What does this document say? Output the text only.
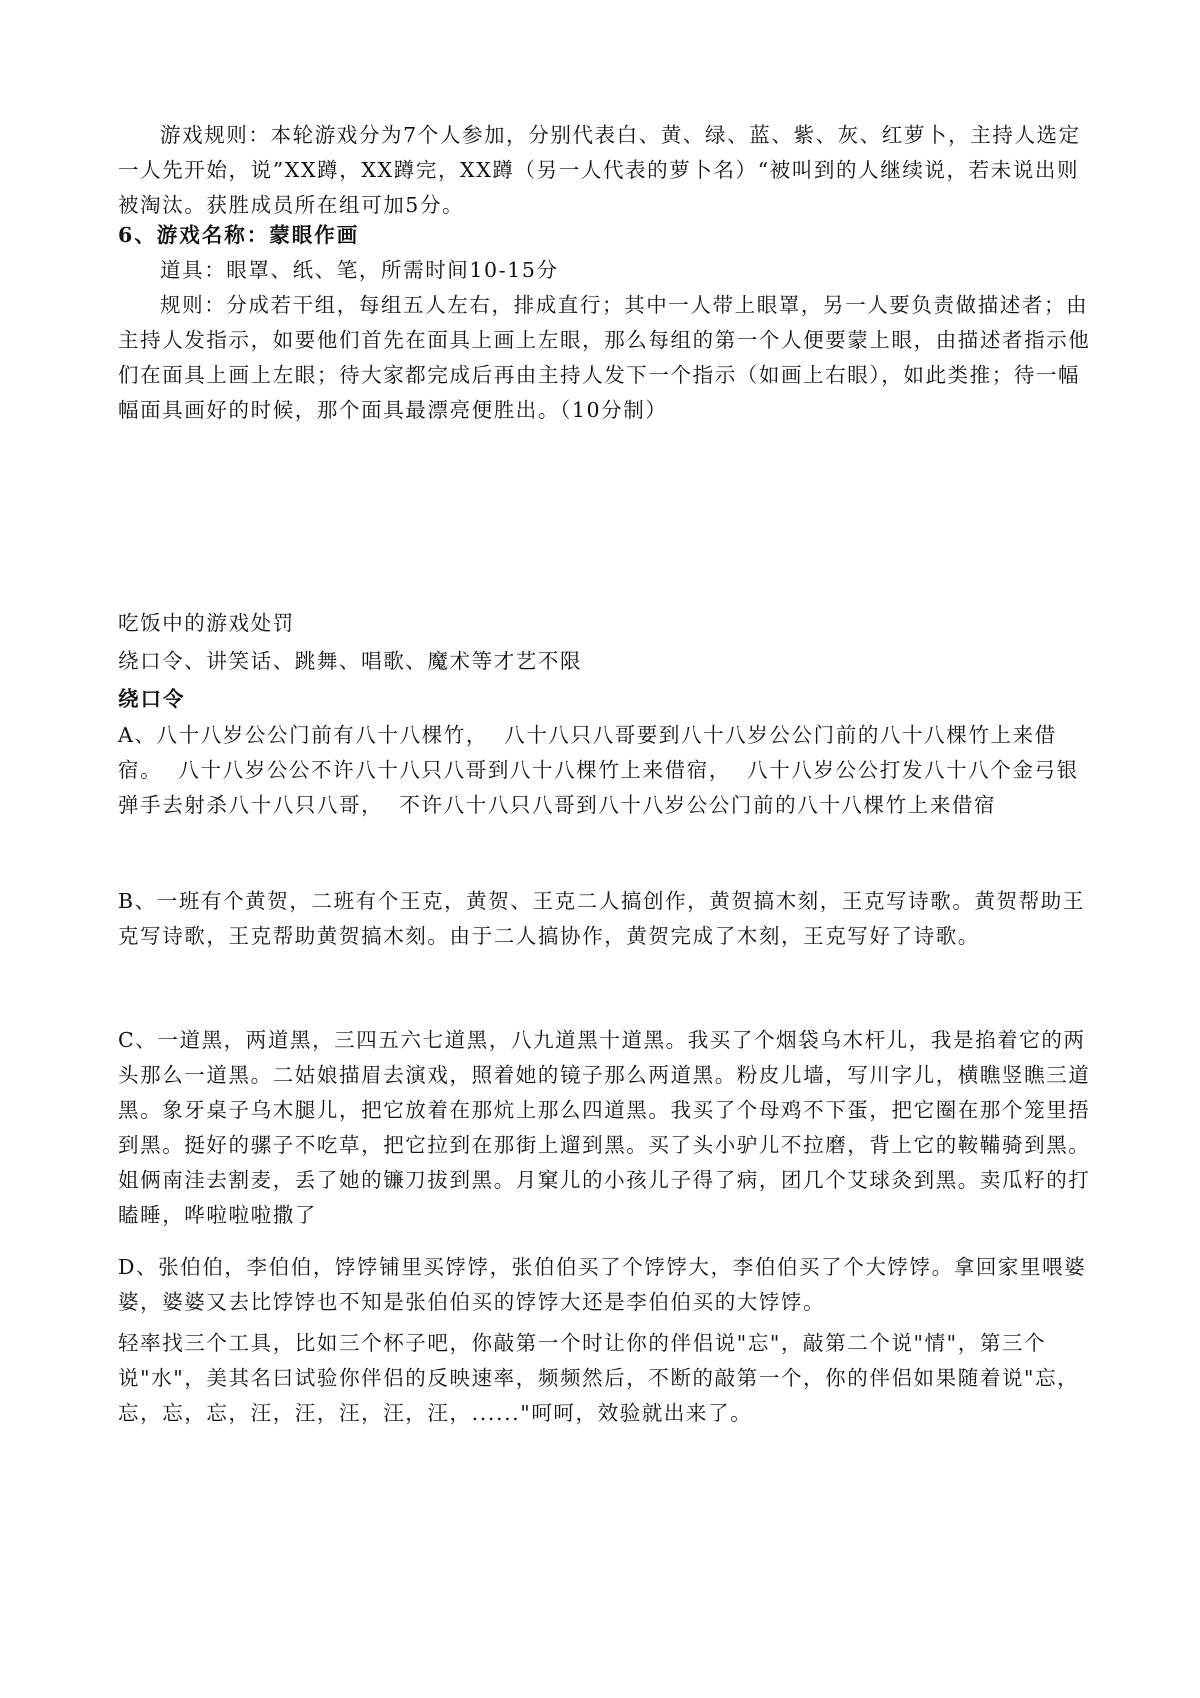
游戏规则：本轮游戏分为7个人参加，分别代表白、黄、绿、蓝、紫、灰、红萝卜，主持人选定一人先开始，说”XX蹲，XX蹲完，XX蹲（另一人代表的萝卜名）“被叫到的人继续说，若未说出则被淘汰。获胜成员所在组可加5分。
6、游戏名称：蒙眼作画
道具：眼罩、纸、笔，所需时间10-15分
规则：分成若干组，每组五人左右，排成直行；其中一人带上眼罩，另一人要负责做描述者；由主持人发指示，如要他们首先在面具上画上左眼，那么每组的第一个人便要蒙上眼，由描述者指示他们在面具上画上左眼；待大家都完成后再由主持人发下一个指示（如画上右眼），如此类推；待一幅幅面具画好的时候，那个面具最漂亮便胜出。（10分制）
吃饭中的游戏处罚
绕口令、讲笑话、跳舞、唱歌、魔术等才艺不限
绕口令
A、八十八岁公公门前有八十八棵竹，  八十八只八哥要到八十八岁公公门前的八十八棵竹上来借宿。  八十八岁公公不许八十八只八哥到八十八棵竹上来借宿，  八十八岁公公打发八十八个金弓银弹手去射杀八十八只八哥，  不许八十八只八哥到八十八岁公公门前的八十八棵竹上来借宿
B、一班有个黄贺，二班有个王克，黄贺、王克二人搞创作，黄贺搞木刻，王克写诗歌。黄贺帮助王克写诗歌，王克帮助黄贺搞木刻。由于二人搞协作，黄贺完成了木刻，王克写好了诗歌。
C、一道黑，两道黑，三四五六七道黑，八九道黑十道黑。我买了个烟袋乌木杆儿，我是掐着它的两头那么一道黑。二姑娘描眉去演戏，照着她的镜子那么两道黑。粉皮儿墙，写川字儿，横瞧竖瞧三道黑。象牙桌子乌木腿儿，把它放着在那炕上那么四道黑。我买了个母鸡不下蛋，把它圈在那个笼里捂到黑。挺好的骡子不吃草，把它拉到在那街上遛到黑。买了头小驴儿不拉磨，背上它的鞍鞴骑到黑。姐俩南洼去割麦，丢了她的镰刀拔到黑。月窠儿的小孩儿子得了病，团几个艾球灸到黑。卖瓜籽的打瞌睡，哗啦啦啦撒了
D、张伯伯，李伯伯，饽饽铺里买饽饽，张伯伯买了个饽饽大，李伯伯买了个大饽饽。拿回家里喂婆婆，婆婆又去比饽饽也不知是张伯伯买的饽饽大还是李伯伯买的大饽饽。
轻率找三个工具，比如三个杯子吧，你敲第一个时让你的伴侣说"忘"，敲第二个说"情"，第三个说"水"，美其名曰试验你伴侣的反映速率，频频然后，不断的敲第一个，你的伴侣如果随着说"忘，忘，忘，忘，汪，汪，汪，汪，汪，......"呵呵，效验就出来了。
